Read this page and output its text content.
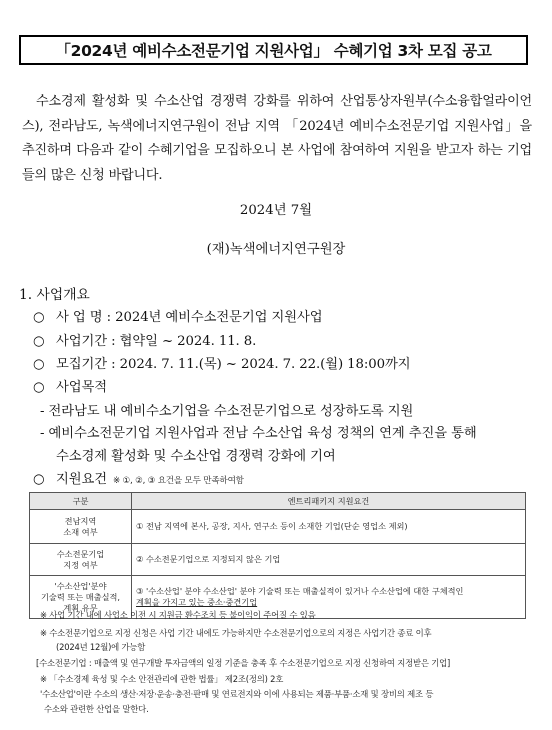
「2024년 예비수소전문기업 지원사업」 수혜기업 3차 모집 공고
수소경제 활성화 및 수소산업 경쟁력 강화를 위하여 산업통상자원부(수소융합얼라이언스), 전라남도, 녹색에너지연구원이 전남 지역 「2024년 예비수소전문기업 지원사업」을 추진하며 다음과 같이 수혜기업을 모집하오니 본 사업에 참여하여 지원을 받고자 하는 기업들의 많은 신청 바랍니다.
2024년 7월
(재)녹색에너지연구원장
1. 사업개요
○ 사 업 명 : 2024년 예비수소전문기업 지원사업
○ 사업기간 : 협약일 ~ 2024. 11. 8.
○ 모집기간 : 2024. 7. 11.(목) ~ 2024. 7. 22.(월) 18:00까지
○ 사업목적
- 전라남도 내 예비수소기업을 수소전문기업으로 성장하도록 지원
- 예비수소전문기업 지원사업과 전남 수소산업 육성 정책의 연계 추진을 통해
수소경제 활성화 및 수소산업 경쟁력 강화에 기여
○ 지원요건 ※ ①, ②, ③ 요건을 모두 만족하여함
구분	엔트리패키지 지원요건
전남지역
소재 여부	① 전남 지역에 본사, 공장, 지사, 연구소 등이 소재한 기업(단순 영업소 제외)
수소전문기업
지정 여부	② 수소전문기업으로 지정되지 않은 기업
'수소산업'분야
기술력 또는 매출실적,
계획 유무	③ '수소산업' 분야 수소산업' 분야 기술력 또는 매출실적이 있거나 수소산업에 대한 구체적인
계획을 가지고 있는 중소·중견기업
※ 사업 기간 내에 사업소 이전 시 지원금 환수조치 등 불이익이 주어질 수 있음
※ 수소전문기업으로 지정 신청은 사업 기간 내에도 가능하지만 수소전문기업으로의 지정은 사업기간 종료 이후
(2024년 12월)에 가능함
[수소전문기업 : 매출액 및 연구개발 투자금액의 일정 기준을 충족 후 수소전문기업으로 지정 신청하여 지정받은 기업]
※ 「수소경제 육성 및 수소 안전관리에 관한 법률」 제2조(정의) 2호
'수소산업'이란 수소의 생산·저장·운송·충전·판매 및 연료전지와 이에 사용되는 제품·부품·소재 및 장비의 제조 등
수소와 관련한 산업을 말한다.
